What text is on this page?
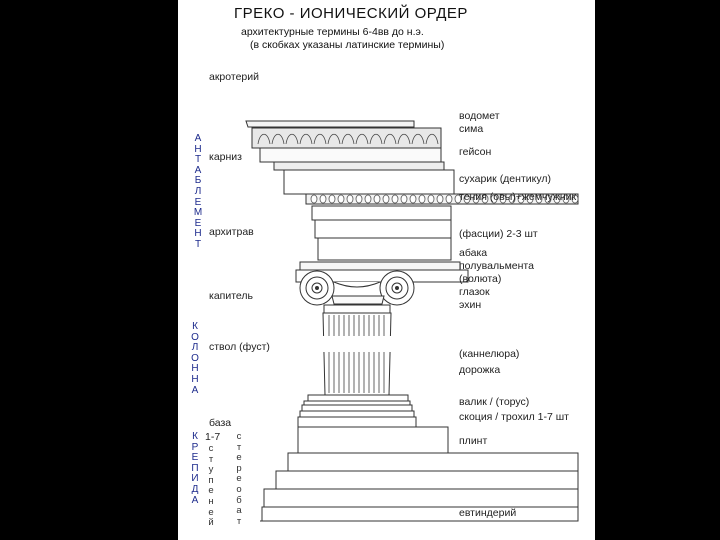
ГРЕКО - ИОНИЧЕСКИЙ ОРДЕР
архитектурные термины 6-4вв до н.э.
(в скобках указаны латинские термины)
акротерий
карниз
архитрав
капитель
ствол (фуст)
база
1-7
водомет
сима
гейсон
сухарик (дентикул)
тения (овы)+жемчужник
(фасции) 2-3 шт
абака
полувальмента
(волюта)
глазок
эхин
(каннелюра)
дорожка
валик / (торус)
скоция / трохил 1-7 шт
плинт
евтиндерий
А
Н
Т
А
Б
Л
Е
М
Е
Н
Т
К
О
Л
О
Н
Н
А
К
Р
Е
П
И
Д
А
с
т
у
п
е
н
е
й
с
т
е
р
е
о
б
а
т
